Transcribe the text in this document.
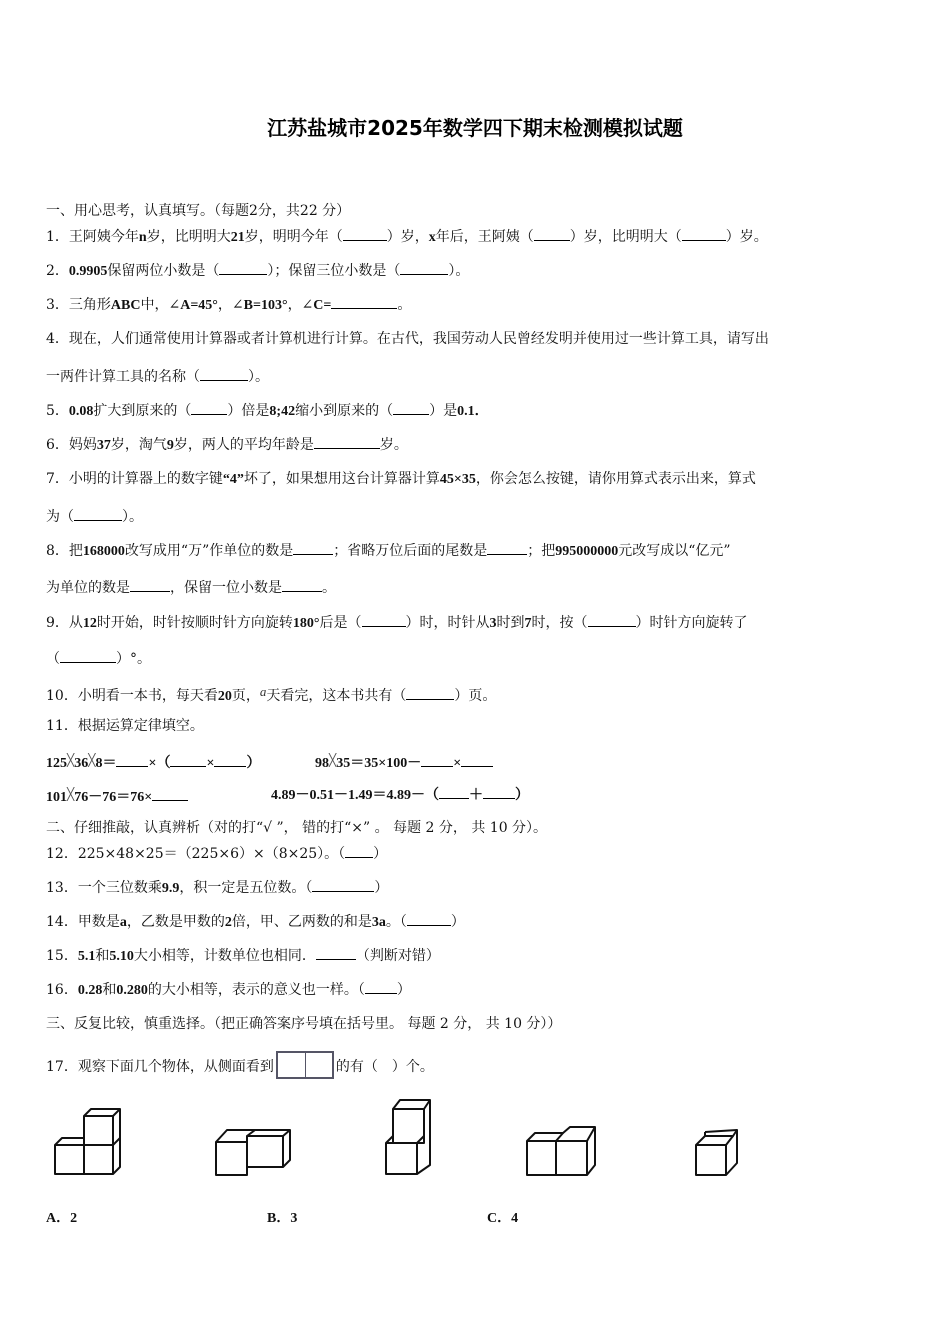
江苏盐城市2025年数学四下期末检测模拟试题
一、用心思考，认真填写。（每题2分，共22 分）
1．王阿姨今年n岁，比明明大21岁，明明今年（	）岁，x年后，王阿姨（	）岁，比明明大（	）岁。
2．0.9905保留两位小数是（	）；保留三位小数是（	）。
3．三角形ABC中，∠A=45°，∠B=103°，∠C=	。
4．现在，人们通常使用计算器或者计算机进行计算。在古代，我国劳动人民曾经发明并使用过一些计算工具，请写出
一两件计算工具的名称（	）。
5．0.08扩大到原来的（	）倍是8;42缩小到原来的（	）是0.1．
6．妈妈37岁，淘气9岁，两人的平均年龄是	岁。
7．小明的计算器上的数字键“4”坏了，如果想用这台计算器计算45×35，你会怎么按键，请你用算式表示出来，算式
为（	）。
8．把168000改写成用“万”作单位的数是	；省略万位后面的尾数是	；把995000000元改写成以“亿元”
为单位的数是	，保留一位小数是	。
9．从12时开始，时针按顺时针方向旋转180°后是（	）时，时针从3时到7时，按（	）时针方向旋转了
（	）°。
10．小明看一本书，每天看20页，a天看完，这本书共有（	）页。
11．根据运算定律填空。
125╳36╳8＝ ×（	× ）	98╳35＝35×100－ ×
101╳76－76＝76×	4.89－0.51－1.49＝4.89－（ ＋ ）
二、仔细推敲，认真辨析（对的打“√ ”， 错的打“×” 。 每题 2 分， 共 10 分）。
12．225×48×25＝（225×6）×（8×25）。（ ）
13．一个三位数乘9.9，积一定是五位数。（	）
14．甲数是a，乙数是甲数的2倍，甲、乙两数的和是3a。（	）
15．5.1和5.10大小相等，计数单位也相同．	（判断对错）
16．0.28和0.280的大小相等，表示的意义也一样。（ ）
三、反复比较，慎重选择。（把正确答案序号填在括号里。 每题 2 分， 共 10 分））
17．观察下面几个物体，从侧面看到	的有（　）个。
A．2	B．3	C．4
